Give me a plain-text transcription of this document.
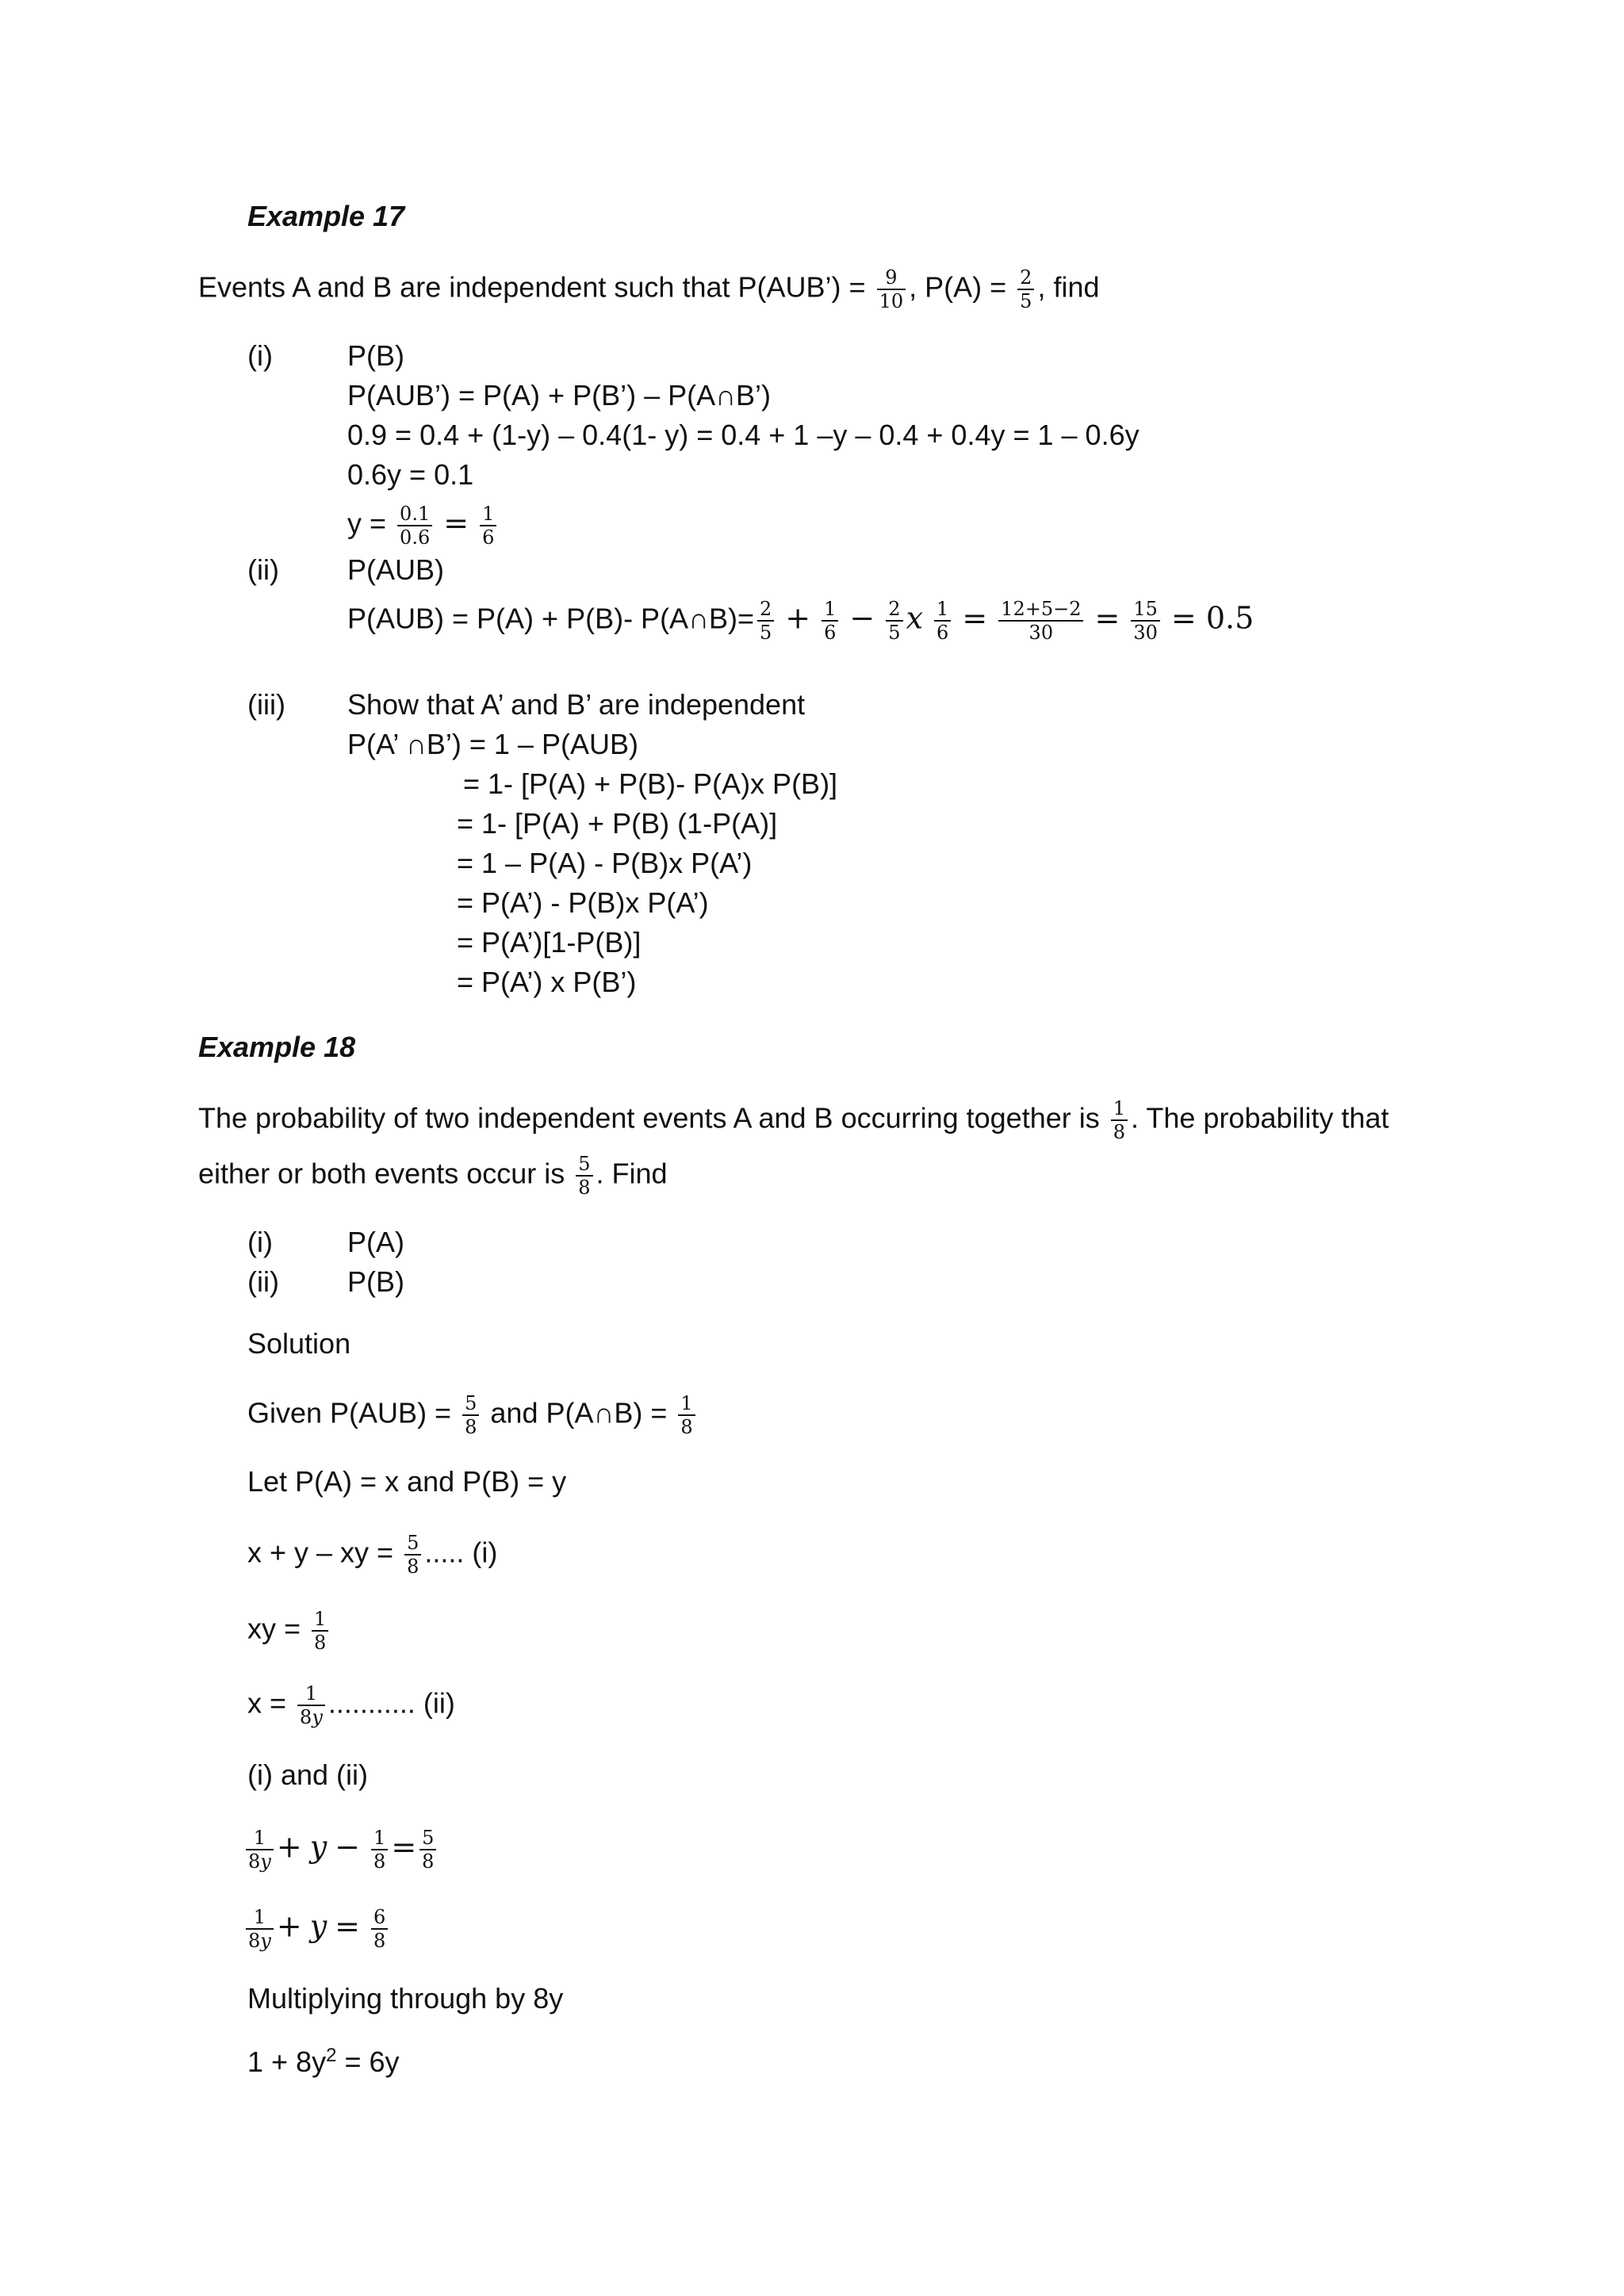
Example 17
Events A and B are independent such that P(AUB’) = $\frac{9}{10}$ , $P(A) = \frac{2}{5}$ , find
(i)	P(B)
P(AUB’) = P(A) + P(B’) – P(A∩B’)
0.9 = 0.4 + (1-y) – 0.4(1- y) = 0.4 + 1 –y – 0.4 + 0.4y = 1 – 0.6y
0.6y = 0.1
$y = \frac{0.1}{0.6} = \frac{1}{6}$
(ii) P(AUB)
P(AUB) = P(A) + P(B)- P(A∩B)= $\frac{2}{5} + \frac{1}{6} - \frac{2}{5}$ x $\frac{1}{6} = \frac{12+5-2}{30} = \frac{15}{30} = 0.5$
(iii) Show that A’ and B’ are independent
P(A’ ∩B’) = 1 – P(AUB)
= 1- [P(A) + P(B)- P(A)x P(B)]
= 1- [P(A) + P(B) (1-P(A)]
= 1 – P(A) - P(B)x P(A’)
= P(A’) - P(B)x P(A’)
= P(A’)[1-P(B)]
= P(A’) x P(B’)
Example 18
The probability of two independent events A and B occurring together is $\frac{1}{8}$ . The probability that
either or both events occur is $\frac{5}{8}$ . Find
(i)	P(A)
(ii) P(B)
Solution
Given $P(AUB) = \frac{5}{8}$ and P(A∩B) = $\frac{1}{8}$
Let P(A) = x and P(B) = y
x + y – xy = $\frac{5}{8}$ ..... (i)
xy = $\frac{1}{8}$
$x = \frac{1}{\text{8𝑦}}$ ........... (ii)
(i) and (ii)
$\frac{1}{\text{8𝑦}}$ + 𝑦 − $\frac{1}{8} = \frac{5}{8}$
$\frac{1}{\text{8𝑦}}$ + 𝑦 = $\frac{6}{8}$
Multiplying through by 8y
$1 + 8y^2 = 6y$
